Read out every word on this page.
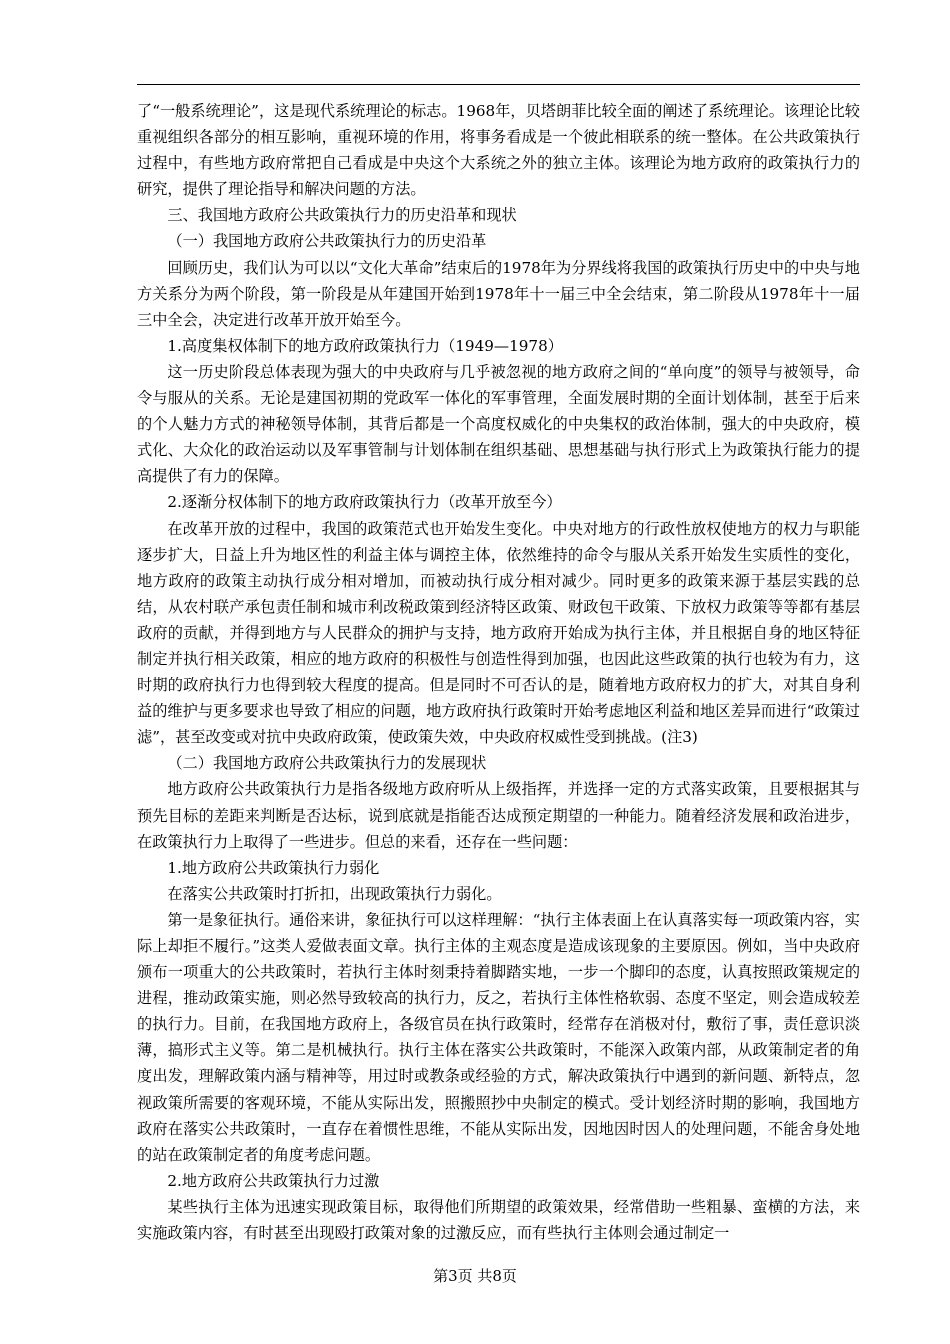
了“一般系统理论”，这是现代系统理论的标志。1968年，贝塔朗菲比较全面的阐述了系统理论。该理论比较重视组织各部分的相互影响，重视环境的作用，将事务看成是一个彼此相联系的统一整体。在公共政策执行过程中，有些地方政府常把自己看成是中央这个大系统之外的独立主体。该理论为地方政府的政策执行力的研究，提供了理论指导和解决问题的方法。

三、我国地方政府公共政策执行力的历史沿革和现状

（一）我国地方政府公共政策执行力的历史沿革

回顾历史，我们认为可以以“文化大革命”结束后的1978年为分界线将我国的政策执行历史中的中央与地方关系分为两个阶段，第一阶段是从年建国开始到1978年十一届三中全会结束，第二阶段从1978年十一届三中全会，决定进行改革开放开始至今。

1.高度集权体制下的地方政府政策执行力（1949—1978）

这一历史阶段总体表现为强大的中央政府与几乎被忽视的地方政府之间的“单向度”的领导与被领导，命令与服从的关系。无论是建国初期的党政军一体化的军事管理，全面发展时期的全面计划体制，甚至于后来的个人魅力方式的神秘领导体制，其背后都是一个高度权威化的中央集权的政治体制，强大的中央政府，模式化、大众化的政治运动以及军事管制与计划体制在组织基础、思想基础与执行形式上为政策执行能力的提高提供了有力的保障。

2.逐渐分权体制下的地方政府政策执行力（改革开放至今）

在改革开放的过程中，我国的政策范式也开始发生变化。中央对地方的行政性放权使地方的权力与职能逐步扩大，日益上升为地区性的利益主体与调控主体，依然维持的命令与服从关系开始发生实质性的变化，地方政府的政策主动执行成分相对增加，而被动执行成分相对减少。同时更多的政策来源于基层实践的总结，从农村联产承包责任制和城市利改税政策到经济特区政策、财政包干政策、下放权力政策等等都有基层政府的贡献，并得到地方与人民群众的拥护与支持，地方政府开始成为执行主体，并且根据自身的地区特征制定并执行相关政策，相应的地方政府的积极性与创造性得到加强，也因此这些政策的执行也较为有力，这时期的政府执行力也得到较大程度的提高。但是同时不可否认的是，随着地方政府权力的扩大，对其自身利益的维护与更多要求也导致了相应的问题，地方政府执行政策时开始考虑地区利益和地区差异而进行“政策过滤”，甚至改变或对抗中央政府政策，使政策失效，中央政府权威性受到挑战。(注3)

（二）我国地方政府公共政策执行力的发展现状

地方政府公共政策执行力是指各级地方政府听从上级指挥，并选择一定的方式落实政策，且要根据其与预先目标的差距来判断是否达标，说到底就是指能否达成预定期望的一种能力。随着经济发展和政治进步，在政策执行力上取得了一些进步。但总的来看，还存在一些问题：

1.地方政府公共政策执行力弱化

在落实公共政策时打折扣，出现政策执行力弱化。

第一是象征执行。通俗来讲，象征执行可以这样理解：“执行主体表面上在认真落实每一项政策内容，实际上却拒不履行。”这类人爱做表面文章。执行主体的主观态度是造成该现象的主要原因。例如，当中央政府颁布一项重大的公共政策时，若执行主体时刻秉持着脚踏实地，一步一个脚印的态度，认真按照政策规定的进程，推动政策实施，则必然导致较高的执行力，反之，若执行主体性格软弱、态度不坚定，则会造成较差的执行力。目前，在我国地方政府上，各级官员在执行政策时，经常存在消极对付，敷衍了事，责任意识淡薄，搞形式主义等。第二是机械执行。执行主体在落实公共政策时，不能深入政策内部，从政策制定者的角度出发，理解政策内涵与精神等，用过时或教条或经验的方式，解决政策执行中遇到的新问题、新特点，忽视政策所需要的客观环境，不能从实际出发，照搬照抄中央制定的模式。受计划经济时期的影响，我国地方政府在落实公共政策时，一直存在着惯性思维，不能从实际出发，因地因时因人的处理问题，不能舍身处地的站在政策制定者的角度考虑问题。

2.地方政府公共政策执行力过激

某些执行主体为迅速实现政策目标，取得他们所期望的政策效果，经常借助一些粗暴、蛮横的方法，来实施政策内容，有时甚至出现殴打政策对象的过激反应，而有些执行主体则会通过制定一

第3页 共8页
